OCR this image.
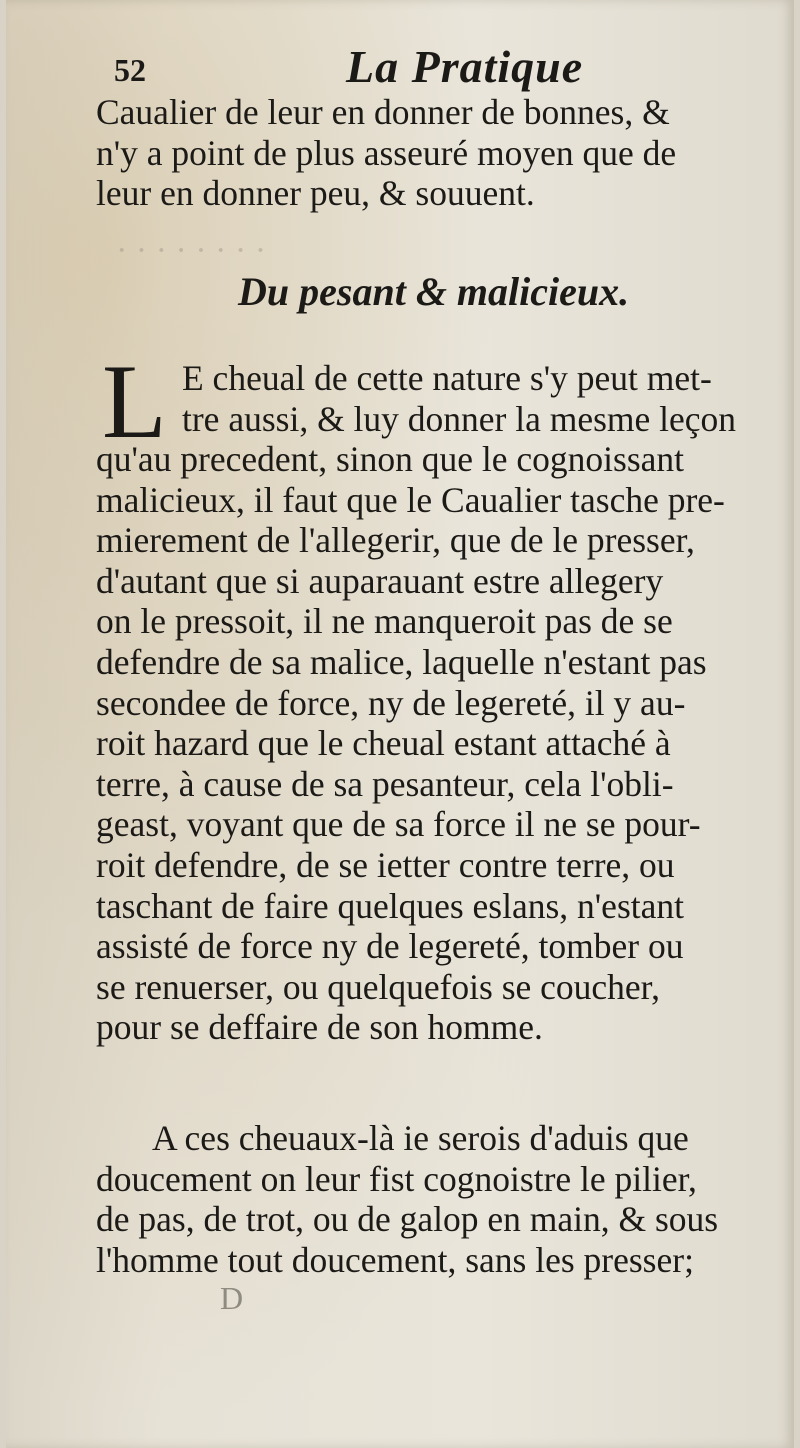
· · · · · · · ·
52	La Pratique
Caualier de leur en donner de bonnes, &
n'y a point de plus asseuré moyen que de
leur en donner peu, & souuent.
Du pesant & malicieux.
L E cheual de cette nature s'y peut met-
tre aussi, & luy donner la mesme leçon
qu'au precedent, sinon que le cognoissant
malicieux, il faut que le Caualier tasche pre-
mierement de l'allegerir, que de le presser,
d'autant que si auparauant estre allegery
on le pressoit, il ne manqueroit pas de se
defendre de sa malice, laquelle n'estant pas
secondee de force, ny de legereté, il y au-
roit hazard que le cheual estant attaché à
terre, à cause de sa pesanteur, cela l'obli-
geast, voyant que de sa force il ne se pour-
roit defendre, de se ietter contre terre, ou
taschant de faire quelques eslans, n'estant
assisté de force ny de legereté, tomber ou
se renuerser, ou quelquefois se coucher,
pour se deffaire de son homme.
A ces cheuaux-là ie serois d'aduis que
doucement on leur fist cognoistre le pilier,
de pas, de trot, ou de galop en main, & sous
l'homme tout doucement, sans les presser;
D
